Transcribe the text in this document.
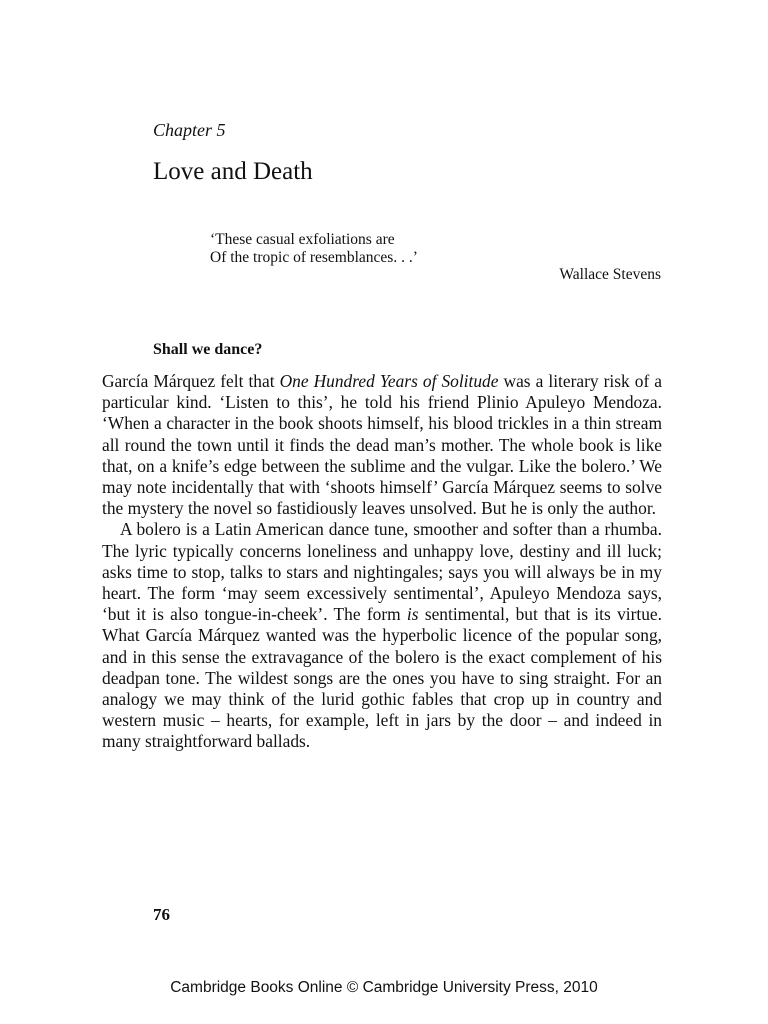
Chapter 5
Love and Death
‘These casual exfoliations are
Of the tropic of resemblances. . .’
Wallace Stevens
Shall we dance?

García Márquez felt that One Hundred Years of Solitude was a literary risk of a particular kind. ‘Listen to this’, he told his friend Plinio Apuleyo Mendoza. ‘When a character in the book shoots himself, his blood trickles in a thin stream all round the town until it finds the dead man’s mother. The whole book is like that, on a knife’s edge between the sublime and the vulgar. Like the bolero.’ We may note incidentally that with ‘shoots himself’ García Márquez seems to solve the mystery the novel so fastidiously leaves unsolved. But he is only the author.

A bolero is a Latin American dance tune, smoother and softer than a rhumba. The lyric typically concerns loneliness and unhappy love, destiny and ill luck; asks time to stop, talks to stars and nightingales; says you will always be in my heart. The form ‘may seem excessively sentimental’, Apuleyo Mendoza says, ‘but it is also tongue-in-cheek’. The form is sentimental, but that is its virtue. What García Márquez wanted was the hyperbolic licence of the popular song, and in this sense the extravagance of the bolero is the exact complement of his deadpan tone. The wildest songs are the ones you have to sing straight. For an analogy we may think of the lurid gothic fables that crop up in country and western music – hearts, for example, left in jars by the door – and indeed in many straightforward ballads.

76
Cambridge Books Online © Cambridge University Press, 2010
